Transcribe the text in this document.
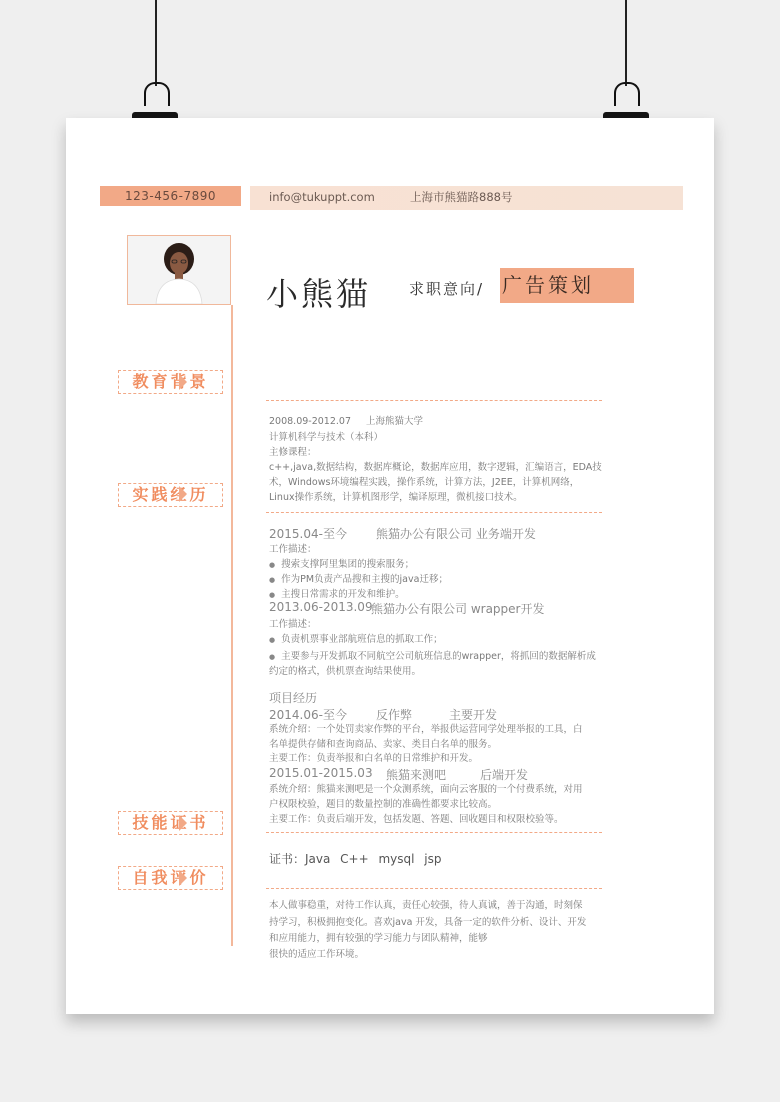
123-456-7890	info@tukuppt.com	上海市熊猫路888号
小熊猫	求职意向/ 广告策划
教育背景
实践经历
技能证书
自我评价
2008.09-2012.07 上海熊猫大学
计算机科学与技术（本科）
主修课程：
c++,java,数据结构，数据库概论，数据库应用，数字逻辑，汇编语言，EDA技
术，Windows环境编程实践，操作系统，计算方法，J2EE，计算机网络，
Linux操作系统，计算机图形学，编译原理，微机接口技术。
2015.04-至今 熊猫办公有限公司 业务端开发
工作描述：
● 搜索支撑阿里集团的搜索服务；
● 作为PM负责产品搜和主搜的java迁移；
● 主搜日常需求的开发和维护。
2013.06-2013.09
熊猫办公有限公司 wrapper开发
工作描述：
● 负责机票事业部航班信息的抓取工作；
● 主要参与开发抓取不同航空公司航班信息的wrapper，将抓回的数据解析成
约定的格式，供机票查询结果使用。
项目经历
2014.06-至今 反作弊	主要开发
系统介绍：一个处罚卖家作弊的平台，举报供运营同学处理举报的工具，白
名单提供存储和查询商品、卖家、类目白名单的服务。
主要工作：负责举报和白名单的日常维护和开发。
2015.01-2015.03 熊猫来测吧	后端开发
系统介绍：熊猫来测吧是一个众测系统，面向云客服的一个付费系统，对用
户权限校验，题目的数量控制的准确性都要求比较高。
主要工作：负责后端开发，包括发题、答题、回收题目和权限校验等。
证书：Java C++ mysql jsp
本人做事稳重，对待工作认真，责任心较强，待人真诚，善于沟通，时刻保
持学习，积极拥抱变化。喜欢java 开发，具备一定的软件分析、设计、开发
和应用能力，拥有较强的学习能力与团队精神，能够
很快的适应工作环境。
